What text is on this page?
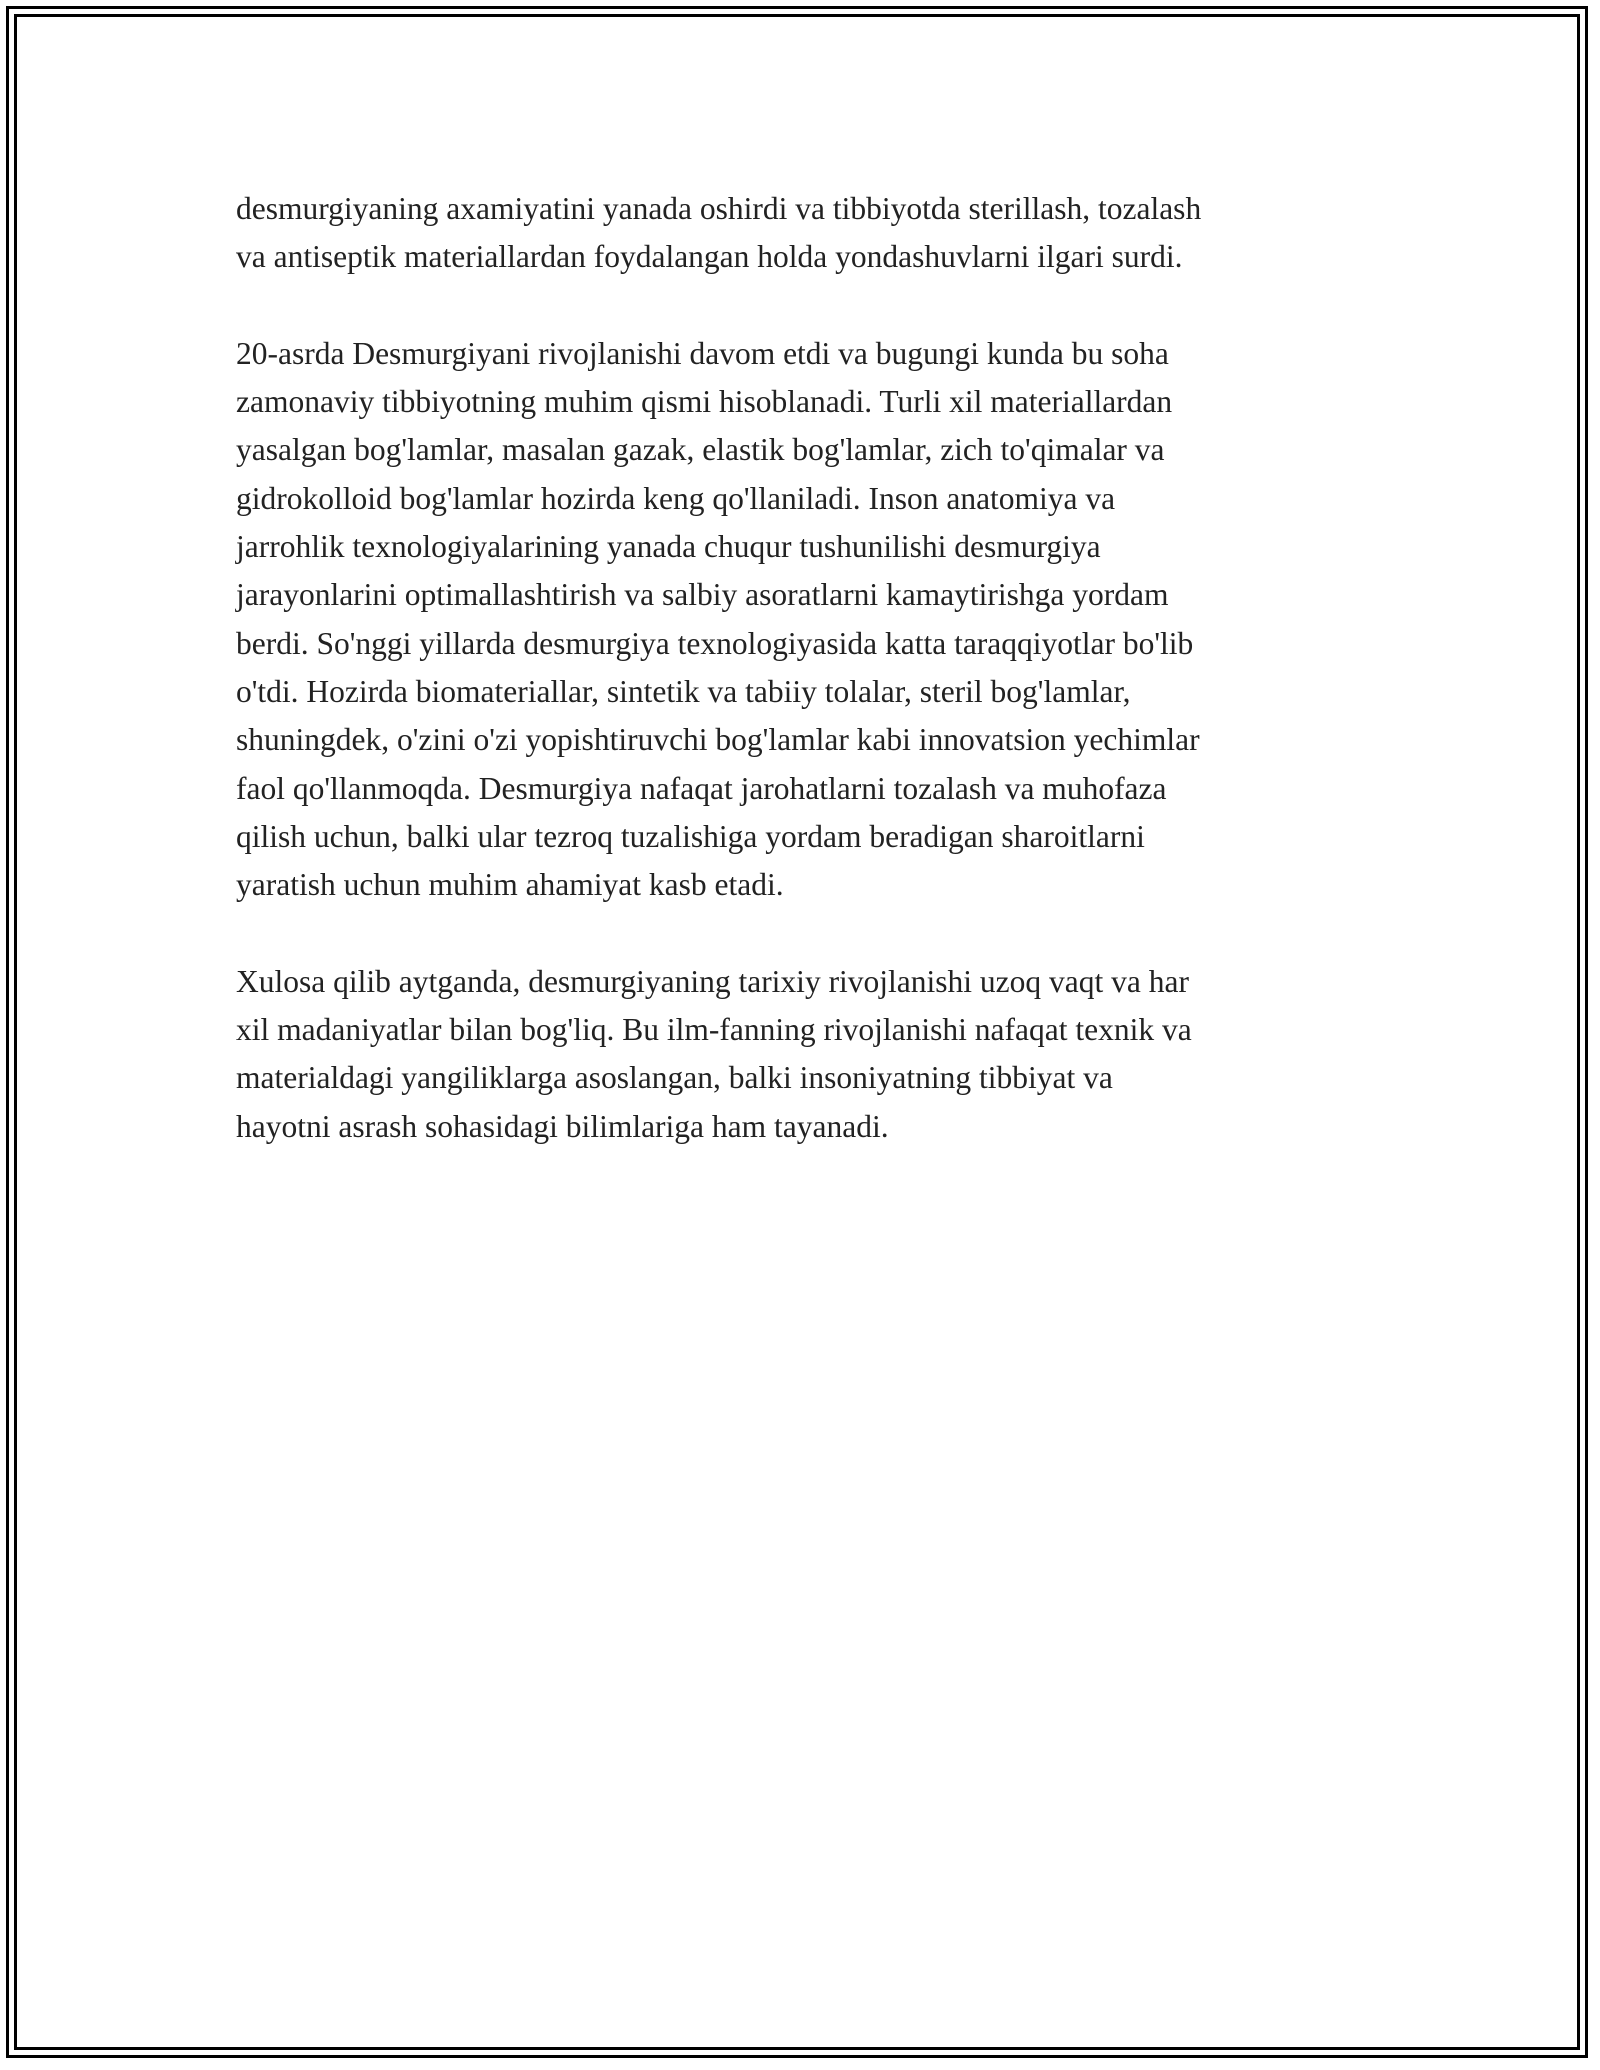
desmurgiyaning axamiyatini yanada oshirdi va tibbiyotda sterillash, tozalash
va antiseptik materiallardan foydalangan holda yondashuvlarni ilgari surdi.
20-asrda Desmurgiyani rivojlanishi davom etdi va bugungi kunda bu soha
zamonaviy tibbiyotning muhim qismi hisoblanadi. Turli xil materiallardan
yasalgan bog'lamlar, masalan gazak, elastik bog'lamlar, zich to'qimalar va
gidrokolloid bog'lamlar hozirda keng qo'llaniladi. Inson anatomiya va
jarrohlik texnologiyalarining yanada chuqur tushunilishi desmurgiya
jarayonlarini optimallashtirish va salbiy asoratlarni kamaytirishga yordam
berdi. So'nggi yillarda desmurgiya texnologiyasida katta taraqqiyotlar bo'lib
o'tdi. Hozirda biomateriallar, sintetik va tabiiy tolalar, steril bog'lamlar,
shuningdek, o'zini o'zi yopishtiruvchi bog'lamlar kabi innovatsion yechimlar
faol qo'llanmoqda. Desmurgiya nafaqat jarohatlarni tozalash va muhofaza
qilish uchun, balki ular tezroq tuzalishiga yordam beradigan sharoitlarni
yaratish uchun muhim ahamiyat kasb etadi.
Xulosa qilib aytganda, desmurgiyaning tarixiy rivojlanishi uzoq vaqt va har
xil madaniyatlar bilan bog'liq. Bu ilm-fanning rivojlanishi nafaqat texnik va
materialdagi yangiliklarga asoslangan, balki insoniyatning tibbiyat va
hayotni asrash sohasidagi bilimlariga ham tayanadi.
